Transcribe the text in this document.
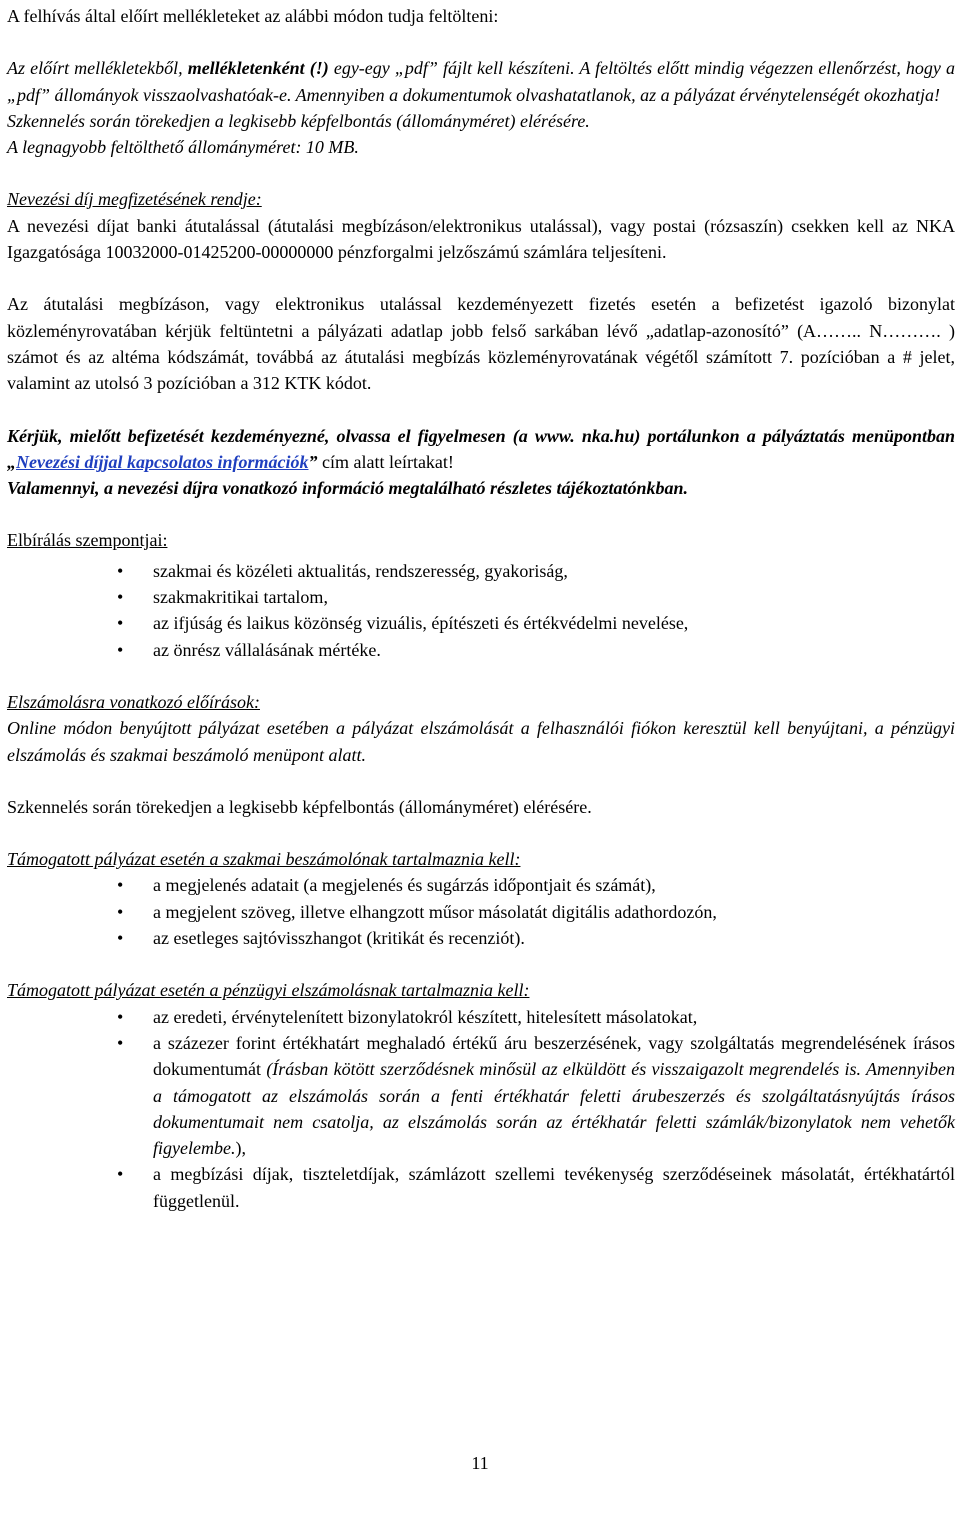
A felhívás által előírt mellékleteket az alábbi módon tudja feltölteni:

Az előírt mellékletekből, mellékletenként (!) egy-egy „pdf” fájlt kell készíteni. A feltöltés előtt mindig végezzen ellenőrzést, hogy a „pdf” állományok visszaolvashatóak-e. Amennyiben a dokumentumok olvashatatlanok, az a pályázat érvénytelenségét okozhatja!

Szkennelés során törekedjen a legkisebb képfelbontás (állományméret) elérésére.

A legnagyobb feltölthető állományméret: 10 MB.

Nevezési díj megfizetésének rendje:

A nevezési díjat banki átutalással (átutalási megbízáson/elektronikus utalással), vagy postai (rózsaszín) csekken kell az NKA Igazgatósága 10032000-01425200-00000000 pénzforgalmi jelzőszámú számlára teljesíteni.

Az átutalási megbízáson, vagy elektronikus utalással kezdeményezett fizetés esetén a befizetést igazoló bizonylat közleményrovatában kérjük feltüntetni a pályázati adatlap jobb felső sarkában lévő „adatlap-azonosító” (A…….. N………. ) számot és az altéma kódszámát, továbbá az átutalási megbízás közleményrovatának végétől számított 7. pozícióban a # jelet, valamint az utolsó 3 pozícióban a 312 KTK kódot.

Kérjük, mielőtt befizetését kezdeményezné, olvassa el figyelmesen (a www. nka.hu) portálunkon a pályáztatás menüpontban „Nevezési díjjal kapcsolatos információk” cím alatt leírtakat!

Valamennyi, a nevezési díjra vonatkozó információ megtalálható részletes tájékoztatónkban.

Elbírálás szempontjai:

• szakmai és közéleti aktualitás, rendszeresség, gyakoriság,
• szakmakritikai tartalom,
• az ifjúság és laikus közönség vizuális, építészeti és értékvédelmi nevelése,
• az önrész vállalásának mértéke.

Elszámolásra vonatkozó előírások:

Online módon benyújtott pályázat esetében a pályázat elszámolását a felhasználói fiókon keresztül kell benyújtani, a pénzügyi elszámolás és szakmai beszámoló menüpont alatt.

Szkennelés során törekedjen a legkisebb képfelbontás (állományméret) elérésére.

Támogatott pályázat esetén a szakmai beszámolónak tartalmaznia kell:

• a megjelenés adatait (a megjelenés és sugárzás időpontjait és számát),
• a megjelent szöveg, illetve elhangzott műsor másolatát digitális adathordozón,
• az esetleges sajtóvisszhangot (kritikát és recenziót).

Támogatott pályázat esetén a pénzügyi elszámolásnak tartalmaznia kell:

• az eredeti, érvénytelenített bizonylatokról készített, hitelesített másolatokat,
• a százezer forint értékhatárt meghaladó értékű áru beszerzésének, vagy szolgáltatás megrendelésének írásos dokumentumát (Írásban kötött szerződésnek minősül az elküldött és visszaigazolt megrendelés is. Amennyiben a támogatott az elszámolás során a fenti értékhatár feletti árubeszerzés és szolgáltatásnyújtás írásos dokumentumait nem csatolja, az elszámolás során az értékhatár feletti számlák/bizonylatok nem vehetők figyelembe.),
• a megbízási díjak, tiszteletdíjak, számlázott szellemi tevékenység szerződéseinek másolatát, értékhatártól függetlenül.
11
